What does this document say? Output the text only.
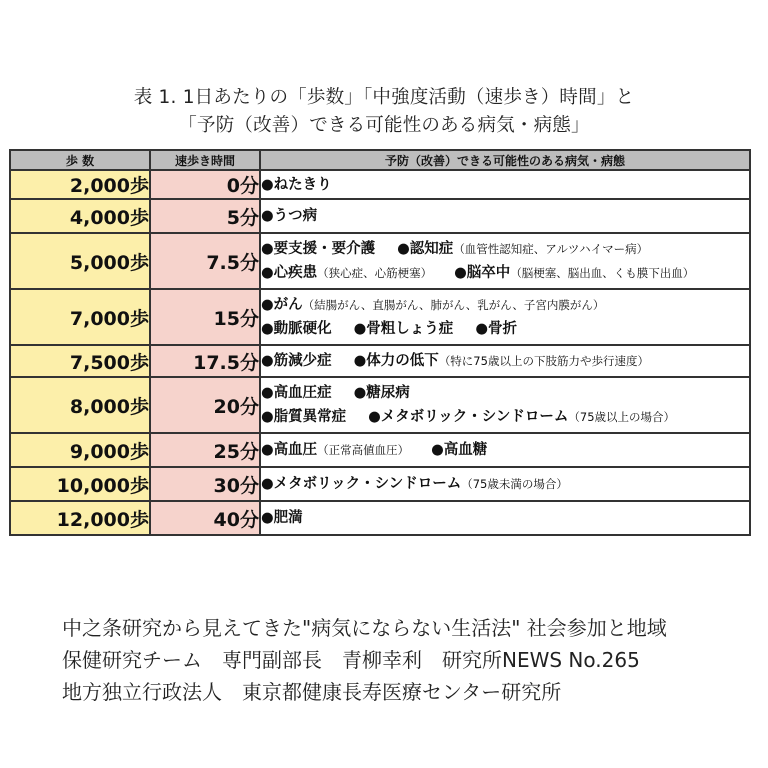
表 1. 1日あたりの「歩数」「中強度活動（速歩き）時間」と
「予防（改善）できる可能性のある病気・病態」
歩 数	速歩き時間	予防（改善）できる可能性のある病気・病態
2,000歩	0分	●ねたきり

4,000歩	5分	●うつ病

5,000歩	7.5分	●要支援・要介護 ●認知症（血管性認知症、アルツハイマー病）
●心疾患（狭心症、心筋梗塞） ●脳卒中（脳梗塞、脳出血、くも膜下出血）

7,000歩	15分	●がん（結腸がん、直腸がん、肺がん、乳がん、子宮内膜がん）
●動脈硬化 ●骨粗しょう症 ●骨折

7,500歩	17.5分	●筋減少症 ●体力の低下（特に75歳以上の下肢筋力や歩行速度）

8,000歩	20分	●高血圧症 ●糖尿病
●脂質異常症 ●メタボリック・シンドローム（75歳以上の場合）

9,000歩	25分	●高血圧（正常高値血圧） ●高血糖

10,000歩	30分	●メタボリック・シンドローム（75歳未満の場合）

12,000歩	40分	●肥満
中之条研究から見えてきた"病気にならない生活法" 社会参加と地域
保健研究チーム　専門副部長　青柳幸利　研究所NEWS No.265
地方独立行政法人　東京都健康長寿医療センター研究所
